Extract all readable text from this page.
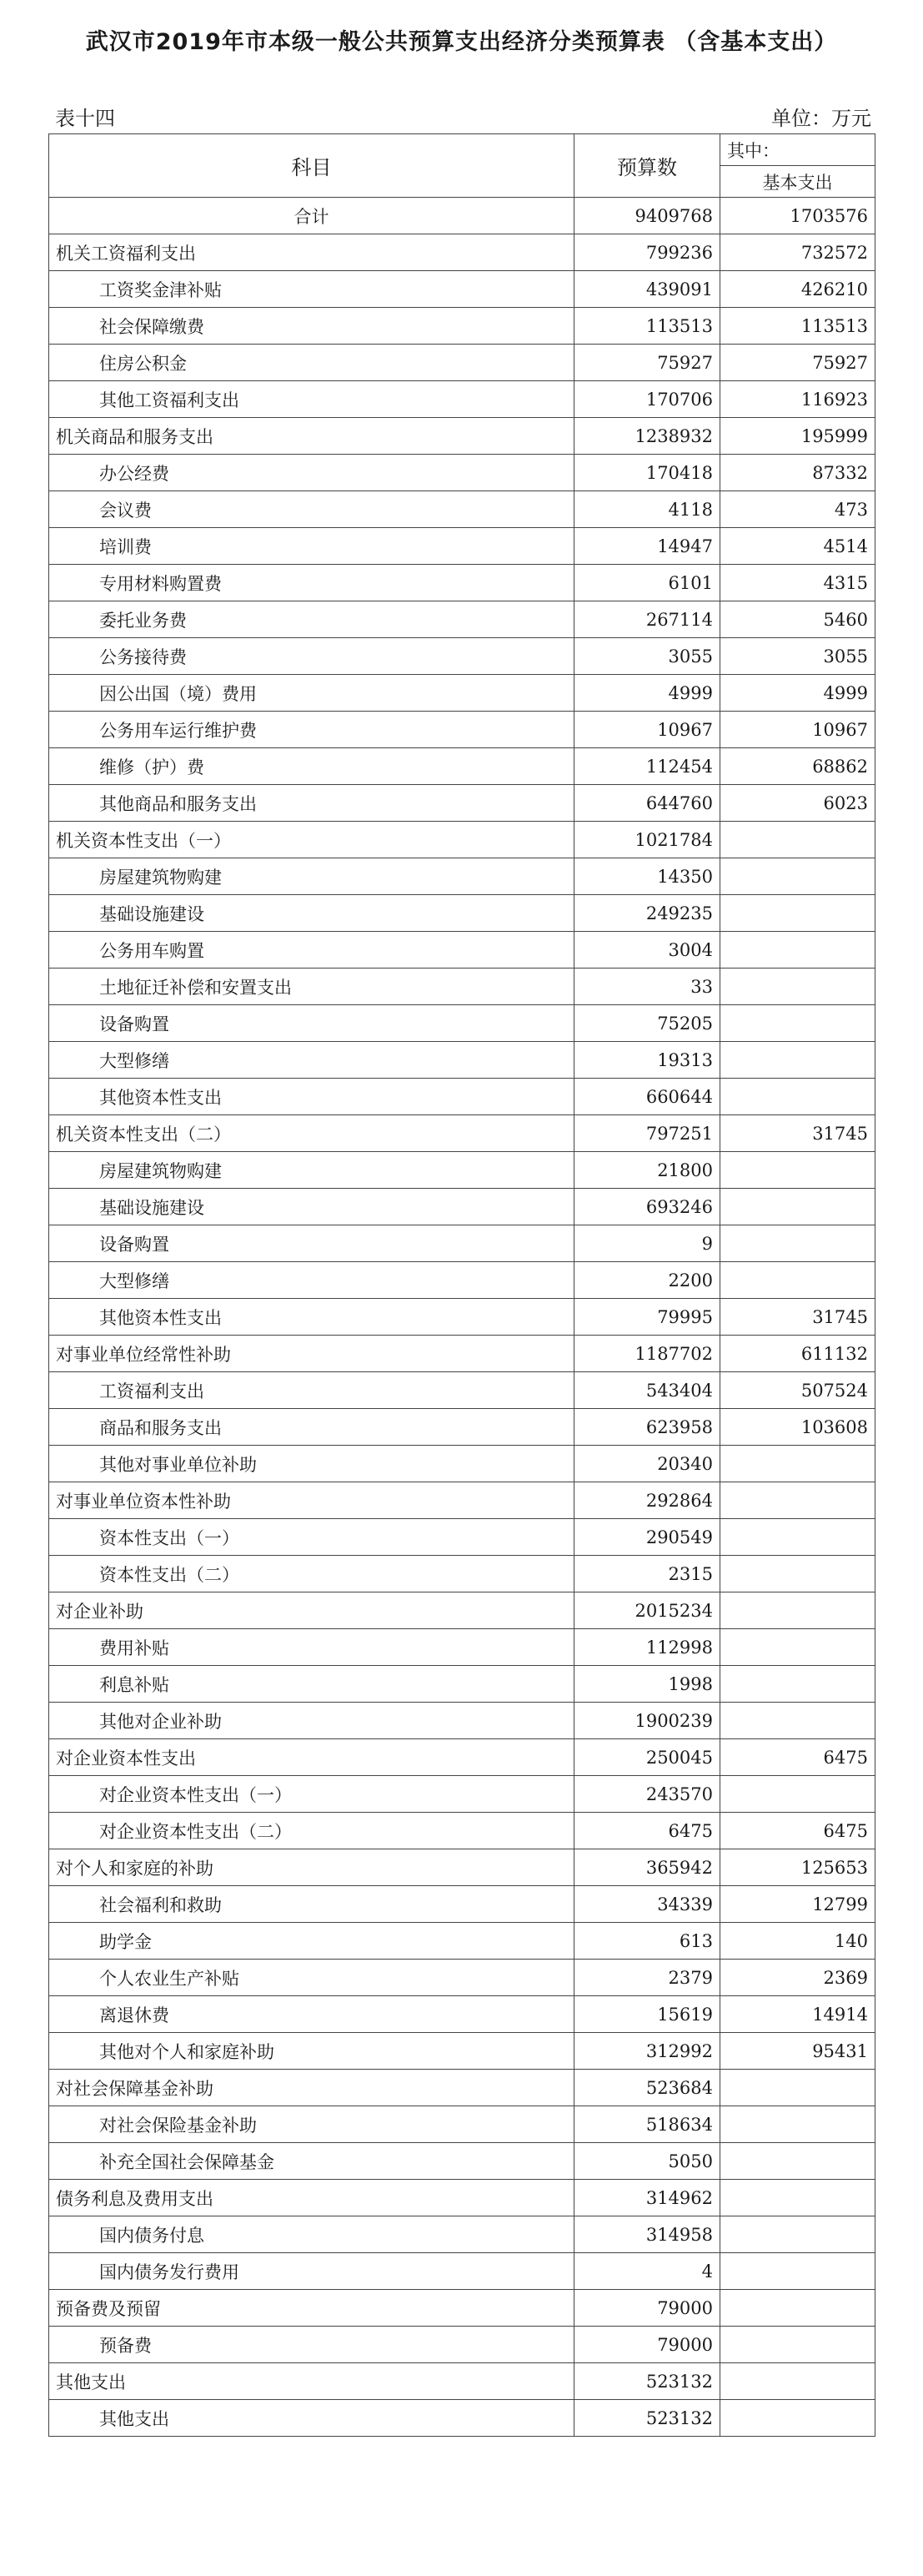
武汉市2019年市本级一般公共预算支出经济分类预算表 （含基本支出）
表十四	单位：万元
科目	预算数	其中：
		基本支出
合计	9409768	1703576
机关工资福利支出	799236	732572
工资奖金津补贴	439091	426210
社会保障缴费	113513	113513
住房公积金	75927	75927
其他工资福利支出	170706	116923
机关商品和服务支出	1238932	195999
办公经费	170418	87332
会议费	4118	473
培训费	14947	4514
专用材料购置费	6101	4315
委托业务费	267114	5460
公务接待费	3055	3055
因公出国（境）费用	4999	4999
公务用车运行维护费	10967	10967
维修（护）费	112454	68862
其他商品和服务支出	644760	6023
机关资本性支出（一）	1021784	
房屋建筑物购建	14350	
基础设施建设	249235	
公务用车购置	3004	
土地征迁补偿和安置支出	33	
设备购置	75205	
大型修缮	19313	
其他资本性支出	660644	
机关资本性支出（二）	797251	31745
房屋建筑物购建	21800	
基础设施建设	693246	
设备购置	9	
大型修缮	2200	
其他资本性支出	79995	31745
对事业单位经常性补助	1187702	611132
工资福利支出	543404	507524
商品和服务支出	623958	103608
其他对事业单位补助	20340	
对事业单位资本性补助	292864	
资本性支出（一）	290549	
资本性支出（二）	2315	
对企业补助	2015234	
费用补贴	112998	
利息补贴	1998	
其他对企业补助	1900239	
对企业资本性支出	250045	6475
对企业资本性支出（一）	243570	
对企业资本性支出（二）	6475	6475
对个人和家庭的补助	365942	125653
社会福利和救助	34339	12799
助学金	613	140
个人农业生产补贴	2379	2369
离退休费	15619	14914
其他对个人和家庭补助	312992	95431
对社会保障基金补助	523684	
对社会保险基金补助	518634	
补充全国社会保障基金	5050	
债务利息及费用支出	314962	
国内债务付息	314958	
国内债务发行费用	4	
预备费及预留	79000	
预备费	79000	
其他支出	523132	
其他支出	523132	
